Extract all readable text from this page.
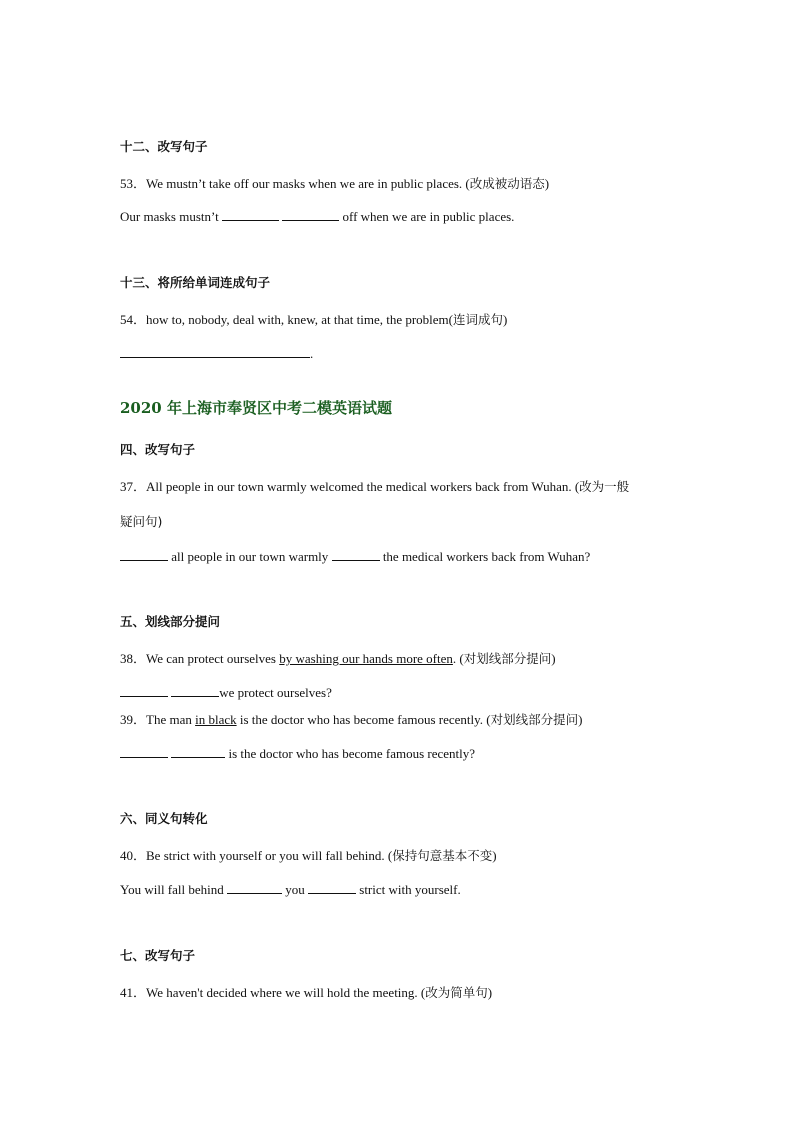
十二、改写句子
53．We mustn’t take off our masks when we are in public places. (改成被动语态)
Our masks mustn’t	off when we are in public places.
十三、将所给单词连成句子
54．how to, nobody, deal with, knew, at that time, the problem(连词成句)
.
2020 年上海市奉贤区中考二模英语试题
四、改写句子
37．All people in our town warmly welcomed the medical workers back from Wuhan. (改为一般
疑问句)
all people in our town warmly	the medical workers back from Wuhan?
五、划线部分提问
38．We can protect ourselves by washing our hands more often. (对划线部分提问)
we protect ourselves?
39．The man in black is the doctor who has become famous recently. (对划线部分提问)
is the doctor who has become famous recently?
六、同义句转化
40．Be strict with yourself or you will fall behind. (保持句意基本不变)
You will fall behind	you	strict with yourself.
七、改写句子
41．We haven't decided where we will hold the meeting. (改为简单句)
